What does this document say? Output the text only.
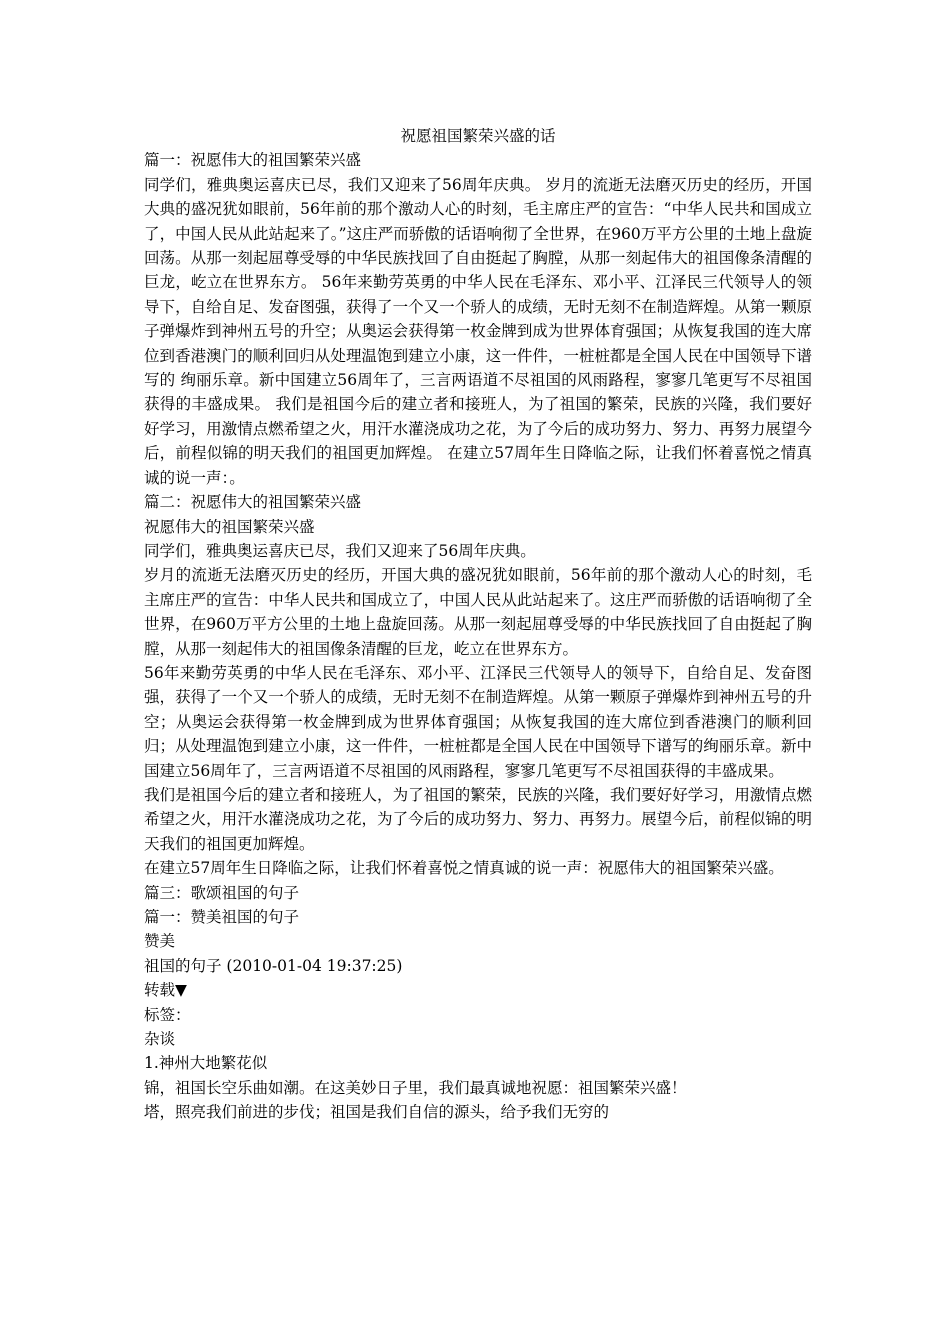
祝愿祖国繁荣兴盛的话

篇一：祝愿伟大的祖国繁荣兴盛

同学们，雅典奥运喜庆已尽，我们又迎来了56周年庆典。 岁月的流逝无法磨灭历史的经历，开国大典的盛况犹如眼前，56年前的那个激动人心的时刻，毛主席庄严的宣告：“中华人民共和国成立了，中国人民从此站起来了。”这庄严而骄傲的话语响彻了全世界，在960万平方公里的土地上盘旋回荡。从那一刻起屈尊受辱的中华民族找回了自由挺起了胸膛，从那一刻起伟大的祖国像条清醒的巨龙，屹立在世界东方。 56年来勤劳英勇的中华人民在毛泽东、邓小平、江泽民三代领导人的领导下，自给自足、发奋图强，获得了一个又一个骄人的成绩，无时无刻不在制造辉煌。从第一颗原子弹爆炸到神州五号的升空；从奥运会获得第一枚金牌到成为世界体育强国；从恢复我国的连大席位到香港澳门的顺利回归从处理温饱到建立小康，这一件件，一桩桩都是全国人民在中国领导下谱写的 绚丽乐章。新中国建立56周年了，三言两语道不尽祖国的风雨路程，寥寥几笔更写不尽祖国获得的丰盛成果。 我们是祖国今后的建立者和接班人，为了祖国的繁荣，民族的兴隆，我们要好好学习，用激情点燃希望之火，用汗水灌浇成功之花，为了今后的成功努力、努力、再努力展望今后，前程似锦的明天我们的祖国更加辉煌。 在建立57周年生日降临之际，让我们怀着喜悦之情真诚的说一声：。

篇二：祝愿伟大的祖国繁荣兴盛

祝愿伟大的祖国繁荣兴盛

同学们，雅典奥运喜庆已尽，我们又迎来了56周年庆典。

岁月的流逝无法磨灭历史的经历，开国大典的盛况犹如眼前，56年前的那个激动人心的时刻，毛主席庄严的宣告：中华人民共和国成立了，中国人民从此站起来了。这庄严而骄傲的话语响彻了全世界，在960万平方公里的土地上盘旋回荡。从那一刻起屈尊受辱的中华民族找回了自由挺起了胸膛，从那一刻起伟大的祖国像条清醒的巨龙，屹立在世界东方。

56年来勤劳英勇的中华人民在毛泽东、邓小平、江泽民三代领导人的领导下，自给自足、发奋图强，获得了一个又一个骄人的成绩，无时无刻不在制造辉煌。从第一颗原子弹爆炸到神州五号的升空；从奥运会获得第一枚金牌到成为世界体育强国；从恢复我国的连大席位到香港澳门的顺利回归；从处理温饱到建立小康，这一件件，一桩桩都是全国人民在中国领导下谱写的绚丽乐章。新中国建立56周年了，三言两语道不尽祖国的风雨路程，寥寥几笔更写不尽祖国获得的丰盛成果。

我们是祖国今后的建立者和接班人，为了祖国的繁荣，民族的兴隆，我们要好好学习，用激情点燃希望之火，用汗水灌浇成功之花，为了今后的成功努力、努力、再努力。展望今后，前程似锦的明天我们的祖国更加辉煌。

在建立57周年生日降临之际，让我们怀着喜悦之情真诚的说一声：祝愿伟大的祖国繁荣兴盛。

篇三：歌颂祖国的句子

篇一：赞美祖国的句子

赞美

祖国的句子 (2010-01-04 19:37:25)

转载▼

标签：

杂谈

1.神州大地繁花似

锦，祖国长空乐曲如潮。在这美妙日子里，我们最真诚地祝愿：祖国繁荣兴盛！

塔，照亮我们前进的步伐；祖国是我们自信的源头，给予我们无穷的
